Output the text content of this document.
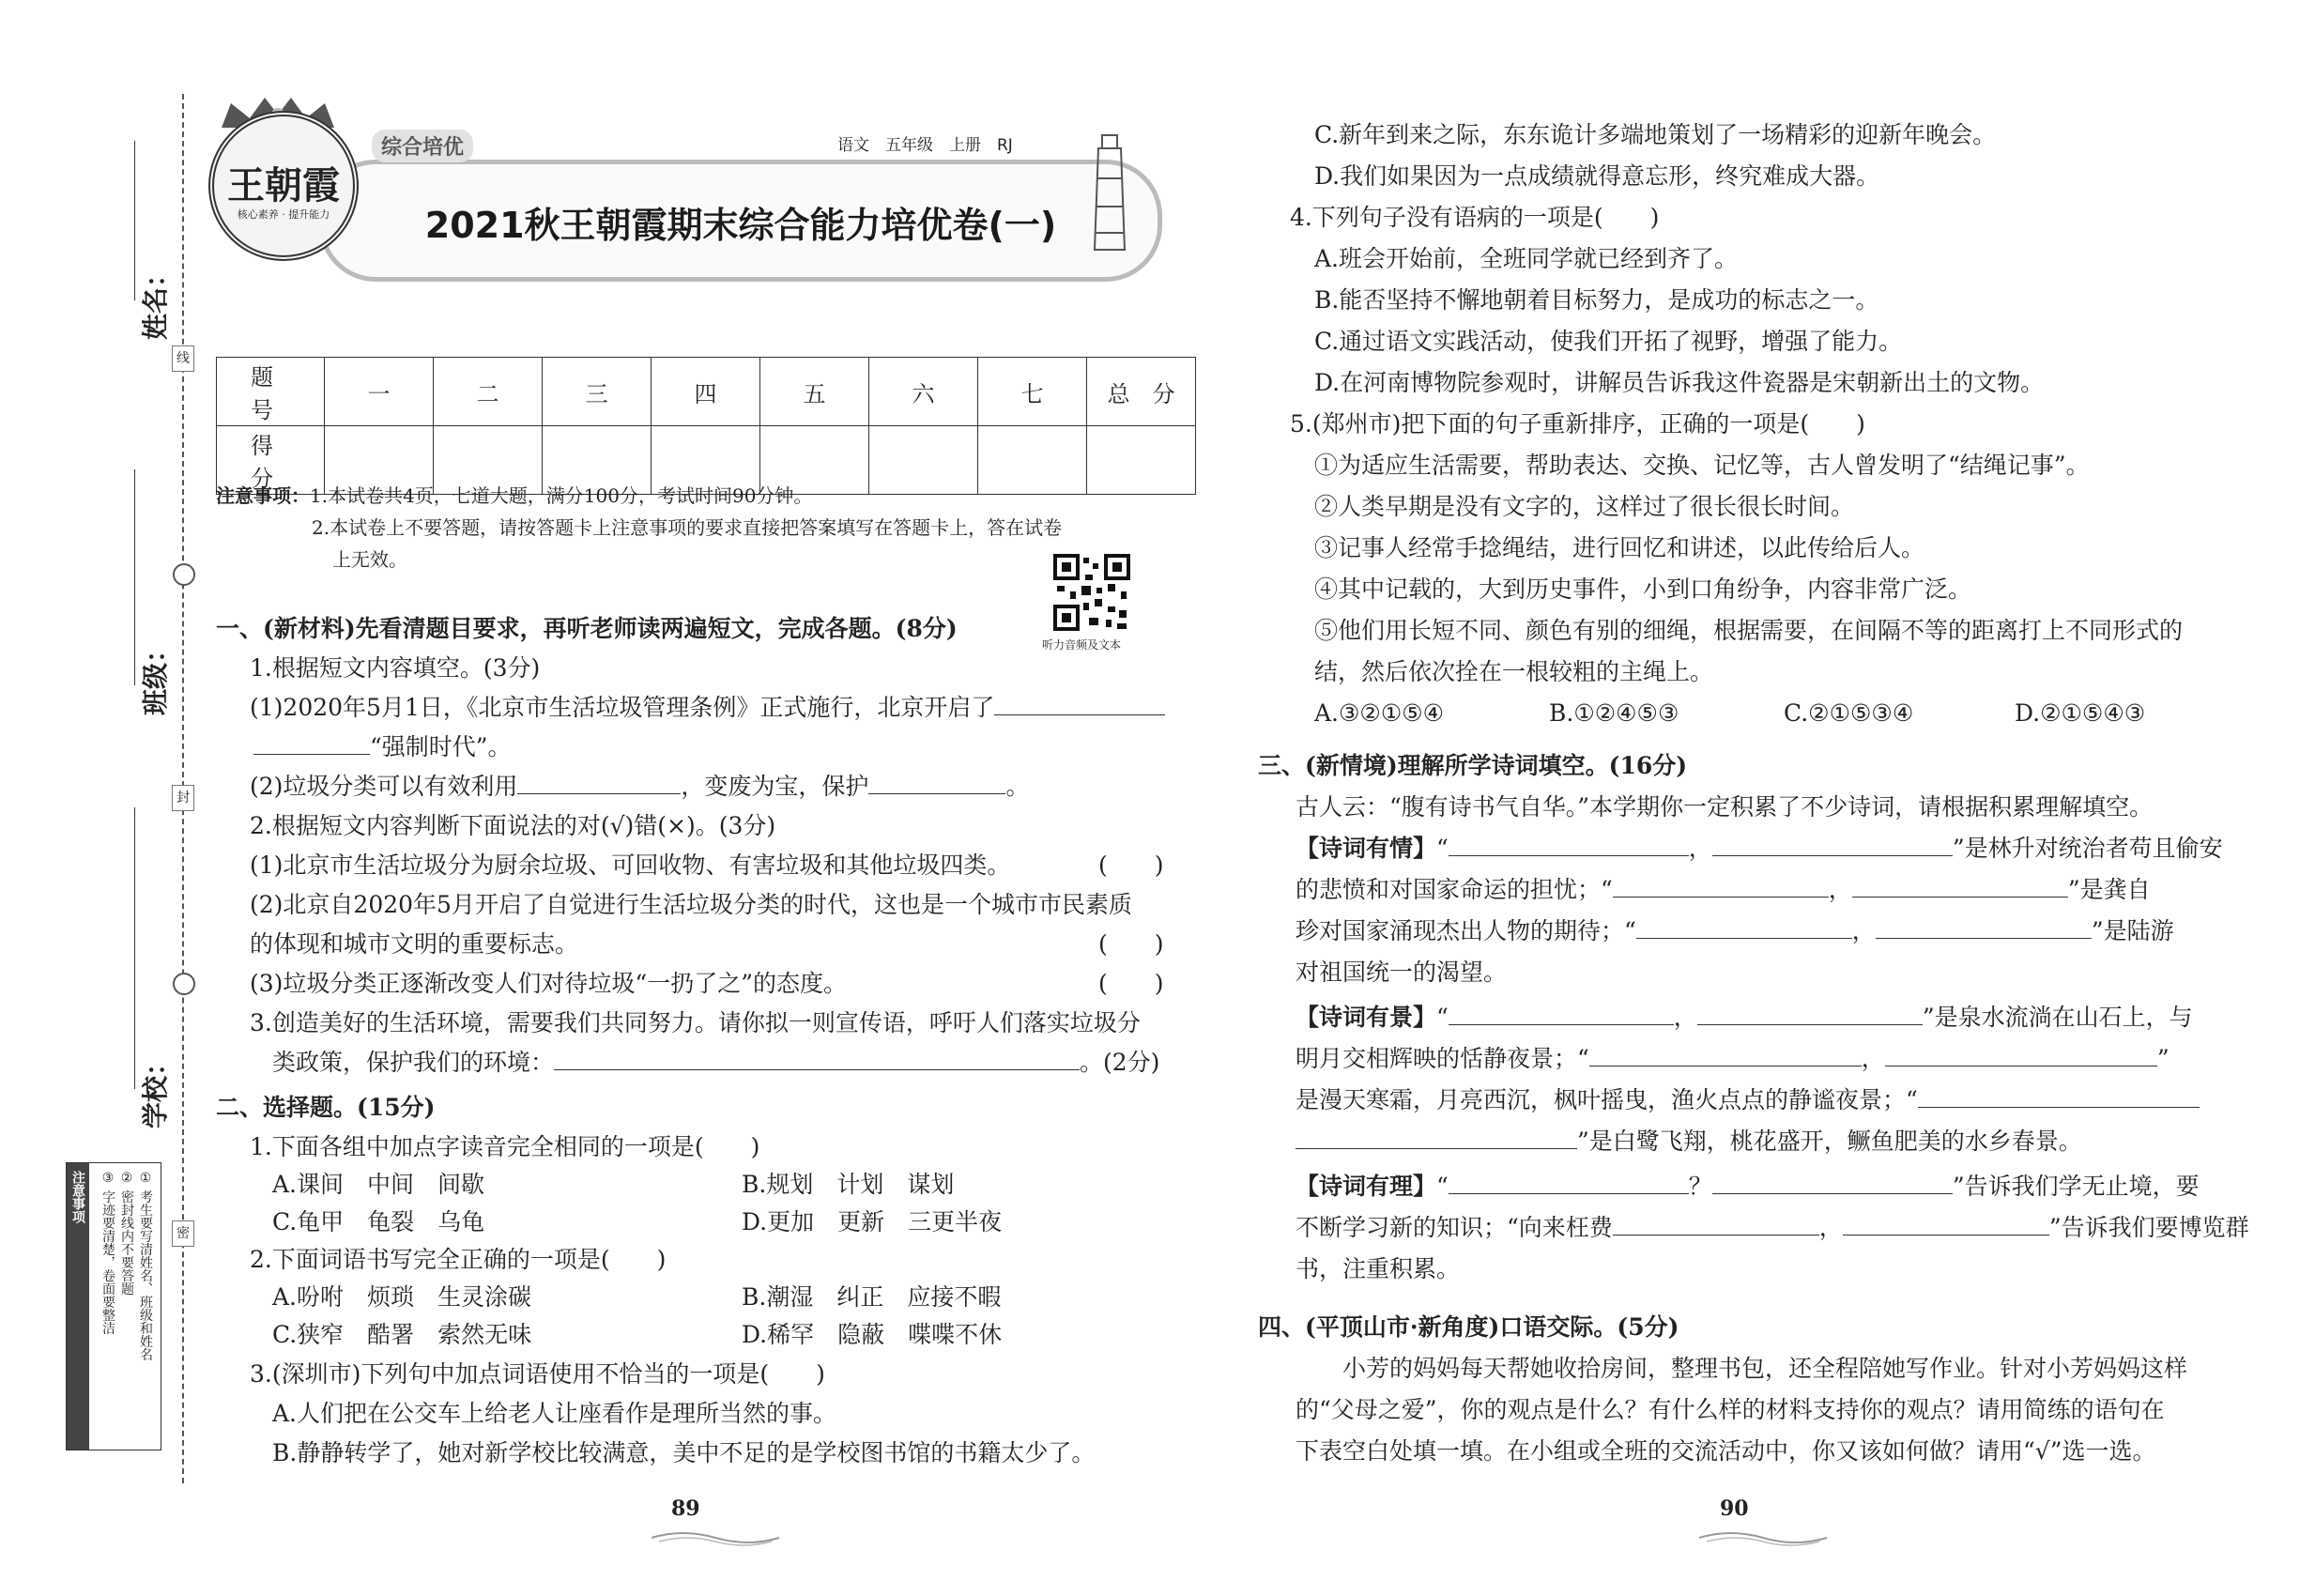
姓名：
班级：
学校：
线
封
密
注意事项	① 考生要写清姓名、班级和姓名
② 密封线内不要答题
③ 字迹要清楚，卷面要整洁
2021秋王朝霞期末综合能力培优卷(一)
王朝霞
核心素养 · 提升能力
综合培优	语文　五年级　上册　RJ
题　号	一	二	三	四	五	六	七	总　分
得　分								
注意事项：1.本试卷共4页，七道大题，满分100分，考试时间90分钟。
2.本试卷上不要答题，请按答题卡上注意事项的要求直接把答案填写在答题卡上，答在试卷
上无效。
听力音频及文本
一、(新材料)先看清题目要求，再听老师读两遍短文，完成各题。(8分)
1.根据短文内容填空。(3分)
(1)2020年5月1日，《北京市生活垃圾管理条例》正式施行，北京开启了
“强制时代”。
(2)垃圾分类可以有效利用	，变废为宝，保护	。
2.根据短文内容判断下面说法的对(√)错(×)。(3分)
(1)北京市生活垃圾分为厨余垃圾、可回收物、有害垃圾和其他垃圾四类。	(　　)
(2)北京自2020年5月开启了自觉进行生活垃圾分类的时代，这也是一个城市市民素质
的体现和城市文明的重要标志。	(　　)
(3)垃圾分类正逐渐改变人们对待垃圾“一扔了之”的态度。	(　　)
3.创造美好的生活环境，需要我们共同努力。请你拟一则宣传语，呼吁人们落实垃圾分
类政策，保护我们的环境：	。(2分)
二、选择题。(15分)
1.下面各组中加点字读音完全相同的一项是(　　)
A.课间　中间　间歇	B.规划　计划　谋划
C.龟甲　龟裂　乌龟	D.更加　更新　三更半夜
2.下面词语书写完全正确的一项是(　　)
A.吩咐　烦琐　生灵涂碳	B.潮湿　纠正　应接不暇
C.狭窄　酷署　索然无味	D.稀罕　隐蔽　喋喋不休
3.(深圳市)下列句中加点词语使用不恰当的一项是(　　)
A.人们把在公交车上给老人让座看作是理所当然的事。
B.静静转学了，她对新学校比较满意，美中不足的是学校图书馆的书籍太少了。
89
C.新年到来之际，东东诡计多端地策划了一场精彩的迎新年晚会。
D.我们如果因为一点成绩就得意忘形，终究难成大器。
4.下列句子没有语病的一项是(　　)
A.班会开始前，全班同学就已经到齐了。
B.能否坚持不懈地朝着目标努力，是成功的标志之一。
C.通过语文实践活动，使我们开拓了视野，增强了能力。
D.在河南博物院参观时，讲解员告诉我这件瓷器是宋朝新出土的文物。
5.(郑州市)把下面的句子重新排序，正确的一项是(　　)
①为适应生活需要，帮助表达、交换、记忆等，古人曾发明了“结绳记事”。
②人类早期是没有文字的，这样过了很长很长时间。
③记事人经常手捻绳结，进行回忆和讲述，以此传给后人。
④其中记载的，大到历史事件，小到口角纷争，内容非常广泛。
⑤他们用长短不同、颜色有别的细绳，根据需要，在间隔不等的距离打上不同形式的
结，然后依次拴在一根较粗的主绳上。
A.③②①⑤④	B.①②④⑤③	C.②①⑤③④	D.②①⑤④③
三、(新情境)理解所学诗词填空。(16分)
古人云：“腹有诗书气自华。”本学期你一定积累了不少诗词，请根据积累理解填空。
【诗词有情】“	，	”是林升对统治者苟且偷安
的悲愤和对国家命运的担忧；“	，	”是龚自
珍对国家涌现杰出人物的期待；“	，	”是陆游
对祖国统一的渴望。
【诗词有景】“	，	”是泉水流淌在山石上，与
明月交相辉映的恬静夜景；“	，	”
是漫天寒霜，月亮西沉，枫叶摇曳，渔火点点的静谧夜景；“
”是白鹭飞翔，桃花盛开，鳜鱼肥美的水乡春景。
【诗词有理】“	？	”告诉我们学无止境，要
不断学习新的知识；“向来枉费	，	”告诉我们要博览群
书，注重积累。
四、(平顶山市·新角度)口语交际。(5分)
小芳的妈妈每天帮她收拾房间，整理书包，还全程陪她写作业。针对小芳妈妈这样
的“父母之爱”，你的观点是什么？有什么样的材料支持你的观点？请用简练的语句在
下表空白处填一填。在小组或全班的交流活动中，你又该如何做？请用“√”选一选。
90
